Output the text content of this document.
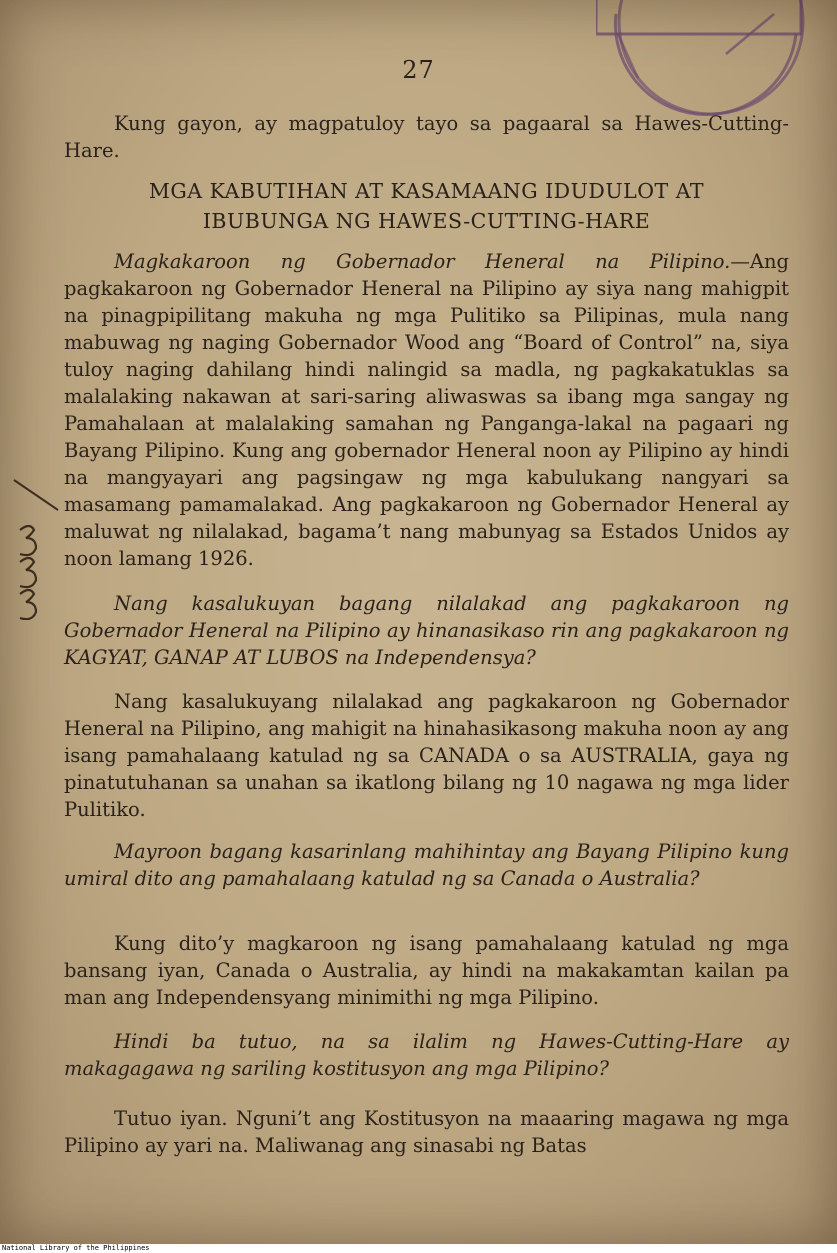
27
Kung gayon, ay magpatuloy tayo sa pagaaral sa Hawes-Cutting-Hare.
MGA KABUTIHAN AT KASAMAANG IDUDULOT AT
IBUBUNGA NG HAWES-CUTTING-HARE
Magkakaroon ng Gobernador Heneral na Pilipino.—Ang pagkakaroon ng Gobernador Heneral na Pilipino ay siya nang mahigpit na pinagpipilitang makuha ng mga Pulitiko sa Pilipinas, mula nang mabuwag ng naging Gobernador Wood ang “Board of Control” na, siya tuloy naging dahilang hindi nalingid sa madla, ng pagkakatuklas sa malalaking nakawan at sari-saring aliwaswas sa ibang mga sangay ng Pamahalaan at malalaking samahan ng Panganga-lakal na pagaari ng Bayang Pilipino. Kung ang gobernador Heneral noon ay Pilipino ay hindi na mangyayari ang pagsingaw ng mga kabulukang nangyari sa masamang pamamalakad. Ang pagkakaroon ng Gobernador Heneral ay maluwat ng nilalakad, bagama’t nang mabunyag sa Estados Unidos ay noon lamang 1926.
Nang kasalukuyan bagang nilalakad ang pagkakaroon ng Gobernador Heneral na Pilipino ay hinanasikaso rin ang pagkakaroon ng KAGYAT, GANAP AT LUBOS na Independensya?
Nang kasalukuyang nilalakad ang pagkakaroon ng Gobernador Heneral na Pilipino, ang mahigit na hinahasikasong makuha noon ay ang isang pamahalaang katulad ng sa CANADA o sa AUSTRALIA, gaya ng pinatutuhanan sa unahan sa ikatlong bilang ng 10 nagawa ng mga lider Pulitiko.
Mayroon bagang kasarinlang mahihintay ang Bayang Pilipino kung umiral dito ang pamahalaang katulad ng sa Canada o Australia?
Kung dito’y magkaroon ng isang pamahalaang katulad ng mga bansang iyan, Canada o Australia, ay hindi na makakamtan kailan pa man ang Independensyang minimithi ng mga Pilipino.
Hindi ba tutuo, na sa ilalim ng Hawes-Cutting-Hare ay makagagawa ng sariling kostitusyon ang mga Pilipino?
Tutuo iyan. Nguni’t ang Kostitusyon na maaaring magawa ng mga Pilipino ay yari na. Maliwanag ang sinasabi ng Batas
National Library of the Philippines
